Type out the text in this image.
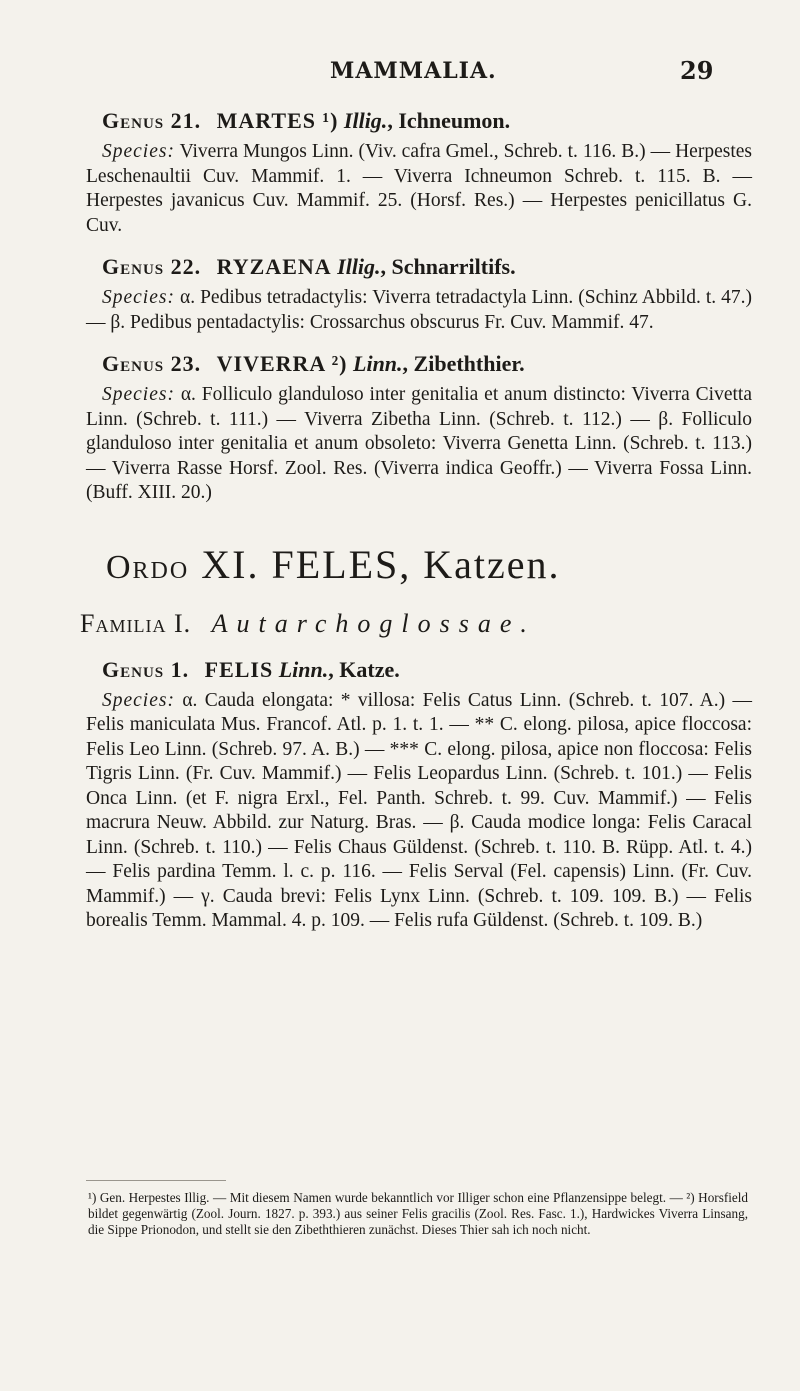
MAMMALIA.	29
Genus 21. MARTES ¹) Illig., Ichneumon.

Species: Viverra Mungos Linn. (Viv. cafra Gmel., Schreb. t. 116. B.) — Herpestes Leschenaultii Cuv. Mammif. 1. — Viverra Ichneumon Schreb. t. 115. B. — Herpestes javanicus Cuv. Mammif. 25. (Horsf. Res.) — Herpestes penicillatus G. Cuv.

Genus 22. RYZAENA Illig., Schnarriltifs.

Species: α. Pedibus tetradactylis: Viverra tetradactyla Linn. (Schinz Abbild. t. 47.) — β. Pedibus pentadactylis: Crossarchus obscurus Fr. Cuv. Mammif. 47.

Genus 23. VIVERRA ²) Linn., Zibeththier.

Species: α. Folliculo glanduloso inter genitalia et anum distincto: Viverra Civetta Linn. (Schreb. t. 111.) — Viverra Zibetha Linn. (Schreb. t. 112.) — β. Folliculo glanduloso inter genitalia et anum obsoleto: Viverra Genetta Linn. (Schreb. t. 113.) — Viverra Rasse Horsf. Zool. Res. (Viverra indica Geoffr.) — Viverra Fossa Linn. (Buff. XIII. 20.)

Ordo XI. FELES, Katzen.
Familia I. Autarchoglossae.
Genus 1. FELIS Linn., Katze.

Species: α. Cauda elongata: * villosa: Felis Catus Linn. (Schreb. t. 107. A.) — Felis maniculata Mus. Francof. Atl. p. 1. t. 1. — ** C. elong. pilosa, apice floccosa: Felis Leo Linn. (Schreb. 97. A. B.) — *** C. elong. pilosa, apice non floccosa: Felis Tigris Linn. (Fr. Cuv. Mammif.) — Felis Leopardus Linn. (Schreb. t. 101.) — Felis Onca Linn. (et F. nigra Erxl., Fel. Panth. Schreb. t. 99. Cuv. Mammif.) — Felis macrura Neuw. Abbild. zur Naturg. Bras. — β. Cauda modice longa: Felis Caracal Linn. (Schreb. t. 110.) — Felis Chaus Güldenst. (Schreb. t. 110. B. Rüpp. Atl. t. 4.) — Felis pardina Temm. l. c. p. 116. — Felis Serval (Fel. capensis) Linn. (Fr. Cuv. Mammif.) — γ. Cauda brevi: Felis Lynx Linn. (Schreb. t. 109. 109. B.) — Felis borealis Temm. Mammal. 4. p. 109. — Felis rufa Güldenst. (Schreb. t. 109. B.)

¹) Gen. Herpestes Illig. — Mit diesem Namen wurde bekanntlich vor Illiger schon eine Pflanzensippe belegt. — ²) Horsfield bildet gegenwärtig (Zool. Journ. 1827. p. 393.) aus seiner Felis gracilis (Zool. Res. Fasc. 1.), Hardwickes Viverra Linsang, die Sippe Prionodon, und stellt sie den Zibeththieren zunächst. Dieses Thier sah ich noch nicht.
